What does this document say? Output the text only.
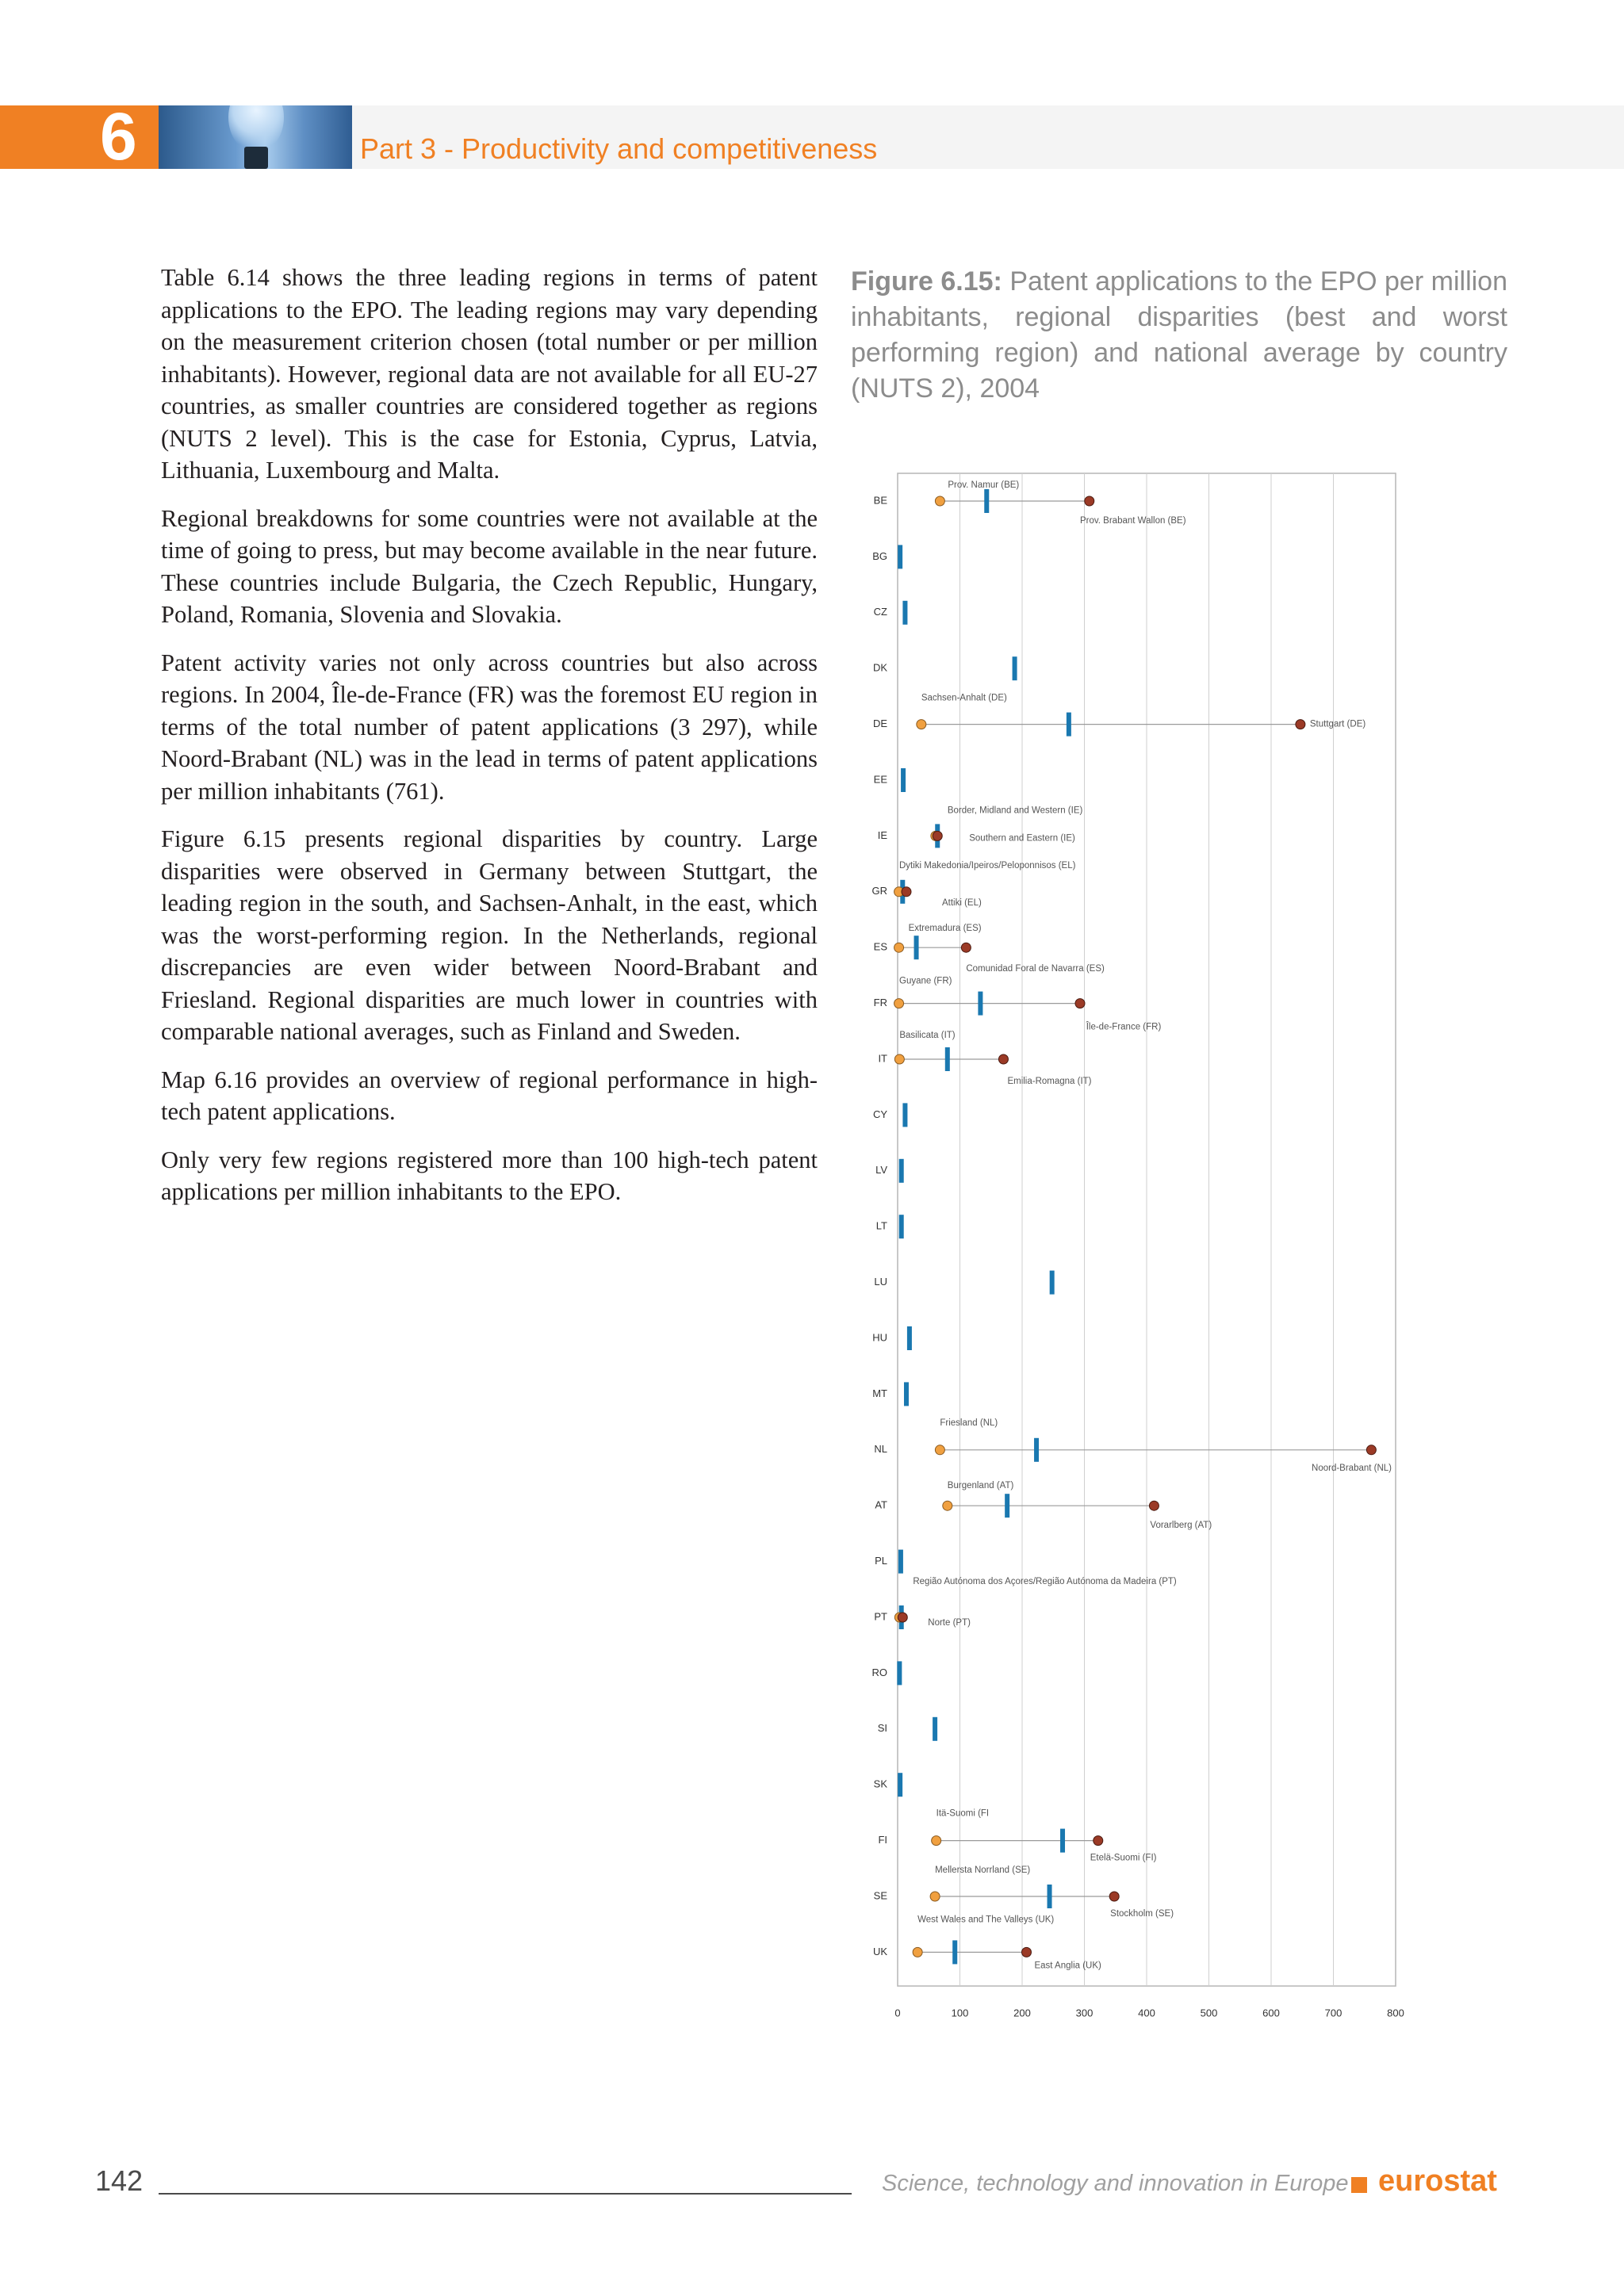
6	Part 3 - Productivity and competitiveness

Table 6.14 shows the three leading regions in terms of patent applications to the EPO. The leading regions may vary depending on the measurement criterion chosen (total number or per million inhabitants). However, regional data are not available for all EU-27 countries, as smaller countries are considered together as regions (NUTS 2 level). This is the case for Estonia, Cyprus, Latvia, Lithuania, Luxembourg and Malta.

Regional breakdowns for some countries were not available at the time of going to press, but may become available in the near future. These countries include Bulgaria, the Czech Republic, Hungary, Poland, Romania, Slovenia and Slovakia.

Patent activity varies not only across countries but also across regions. In 2004, Île-de-France (FR) was the foremost EU region in terms of the total number of patent applications (3 297), while Noord-Brabant (NL) was in the lead in terms of patent applications per million inhabitants (761).

Figure 6.15 presents regional disparities by country. Large disparities were observed in Germany between Stuttgart, the leading region in the south, and Sachsen-Anhalt, in the east, which was the worst-performing region. In the Netherlands, regional discrepancies are even wider between Noord-Brabant and Friesland. Regional disparities are much lower in countries with comparable national averages, such as Finland and Sweden.

Map 6.16 provides an overview of regional performance in high-tech patent applications.

Only very few regions registered more than 100 high-tech patent applications per million inhabitants to the EPO.

Figure 6.15: Patent applications to the EPO per million inhabitants, regional disparities (best and worst performing region) and national average by country (NUTS 2), 2004
0	100	200	300	400	500	600	700	800
BE
Prov. Namur (BE)
Prov. Brabant Wallon (BE)
BG
CZ
DK
DE
Sachsen-Anhalt (DE)
Stuttgart (DE)
EE
IE
Border, Midland and Western (IE)
Southern and Eastern (IE)
GR
Dytiki Makedonia/Ipeiros/Peloponnisos (EL)
Attiki (EL)
ES
Extremadura (ES)
Comunidad Foral de Navarra (ES)
FR
Guyane (FR)
Île-de-France (FR)
IT
Basilicata (IT)
Emilia-Romagna (IT)
CY
LV
LT
LU
HU
MT
NL
Friesland (NL)
Noord-Brabant (NL)
AT
Burgenland (AT)
Vorarlberg (AT)
PL
PT
Região Autónoma dos Açores/Região Autónoma da Madeira (PT)
Norte (PT)
RO
SI
SK
FI
Itä-Suomi (FI
Etelä-Suomi (FI)
SE
Mellersta Norrland (SE)
Stockholm (SE)
UK
West Wales and The Valleys (UK)
East Anglia (UK)
142	Science, technology and innovation in Europe eurostat
